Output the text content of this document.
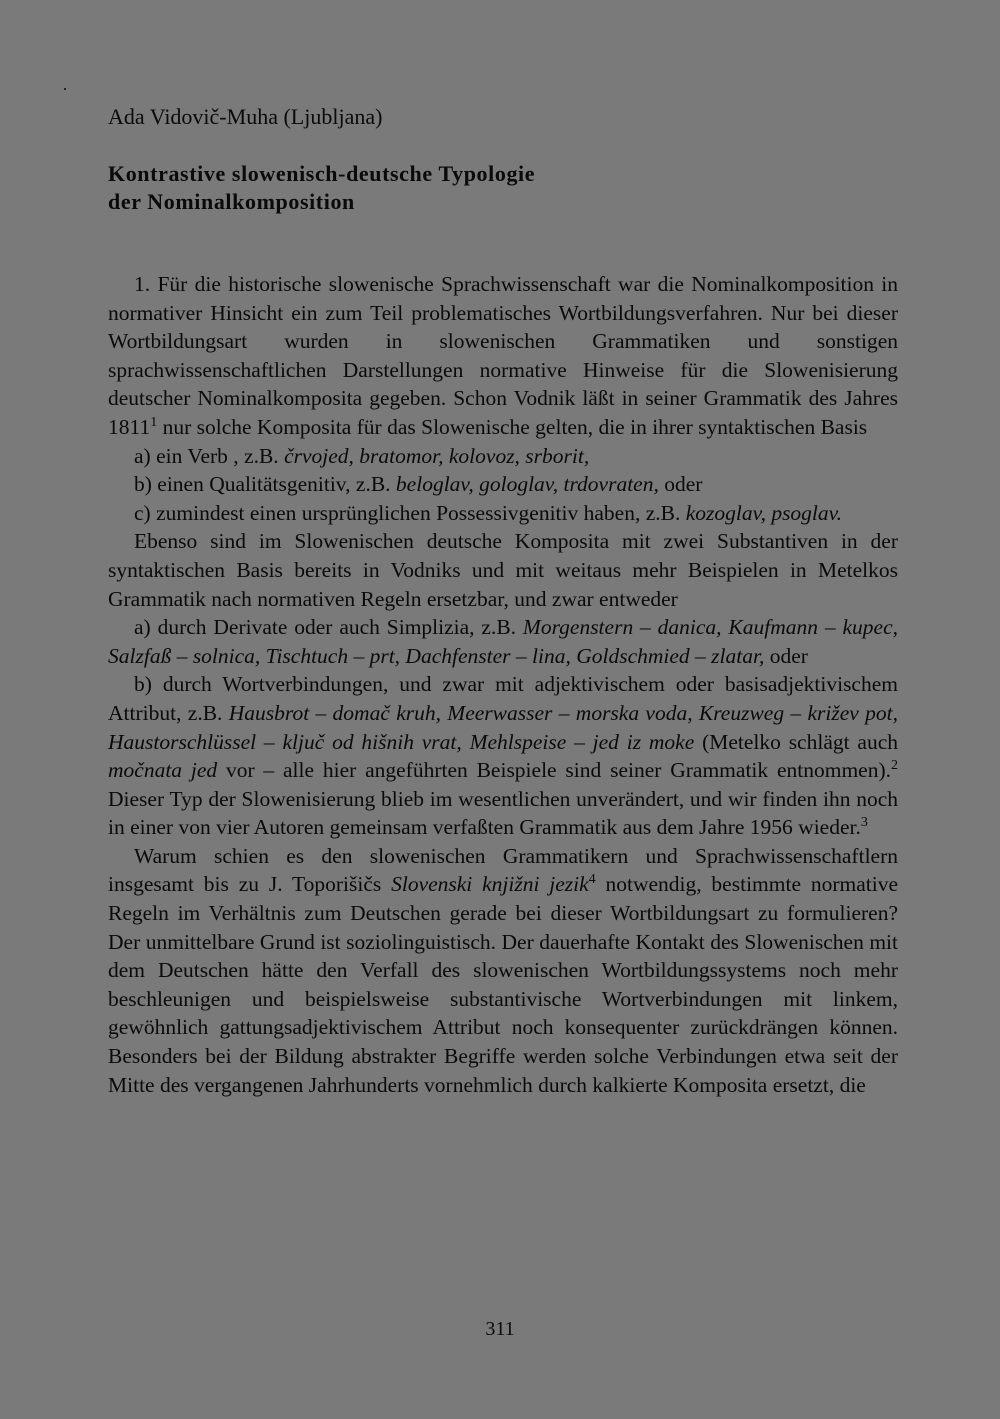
Ada Vidovič-Muha (Ljubljana)
Kontrastive slowenisch-deutsche Typologie
der Nominalkomposition

1. Für die historische slowenische Sprachwissenschaft war die Nominalkomposition in normativer Hinsicht ein zum Teil problematisches Wortbildungsverfahren. Nur bei dieser Wortbildungsart wurden in slowenischen Grammatiken und sonstigen sprachwissenschaftlichen Darstellungen normative Hinweise für die Slowenisierung deutscher Nominalkomposita gegeben. Schon Vodnik läßt in seiner Grammatik des Jahres 1811$^1$ nur solche Komposita für das Slowenische gelten, die in ihrer syntaktischen Basis

a) ein Verb , z.B. črvojed, bratomor, kolovoz, srborit,

b) einen Qualitätsgenitiv, z.B. beloglav, gologlav, trdovraten, oder

c) zumindest einen ursprünglichen Possessivgenitiv haben, z.B. kozoglav, psoglav.

Ebenso sind im Slowenischen deutsche Komposita mit zwei Substantiven in der syntaktischen Basis bereits in Vodniks und mit weitaus mehr Beispielen in Metelkos Grammatik nach normativen Regeln ersetzbar, und zwar entweder

a) durch Derivate oder auch Simplizia, z.B. Morgenstern – danica, Kaufmann – kupec, Salzfaß – solnica, Tischtuch – prt, Dachfenster – lina, Goldschmied – zlatar, oder

b) durch Wortverbindungen, und zwar mit adjektivischem oder basisadjektivischem Attribut, z.B. Hausbrot – domač kruh, Meerwasser – morska voda, Kreuzweg – križev pot, Haustorschlüssel – ključ od hišnih vrat, Mehlspeise – jed iz moke (Metelko schlägt auch močnata jed vor – alle hier angeführten Beispiele sind seiner Grammatik entnommen).$^2$ Dieser Typ der Slowenisierung blieb im wesentlichen unverändert, und wir finden ihn noch in einer von vier Autoren gemeinsam verfaßten Grammatik aus dem Jahre 1956 wieder.$^3$

Warum schien es den slowenischen Grammatikern und Sprachwissenschaftlern insgesamt bis zu J. Toporišičs Slovenski knjižni jezik$^4$ notwendig, bestimmte normative Regeln im Verhältnis zum Deutschen gerade bei dieser Wortbildungsart zu formulieren? Der unmittelbare Grund ist soziolinguistisch. Der dauerhafte Kontakt des Slowenischen mit dem Deutschen hätte den Verfall des slowenischen Wortbildungssystems noch mehr beschleunigen und beispielsweise substantivische Wortverbindungen mit linkem, gewöhnlich gattungsadjektivischem Attribut noch konsequenter zurückdrängen können. Besonders bei der Bildung abstrakter Begriffe werden solche Verbindungen etwa seit der Mitte des vergangenen Jahrhunderts vornehmlich durch kalkierte Komposita ersetzt, die

311
